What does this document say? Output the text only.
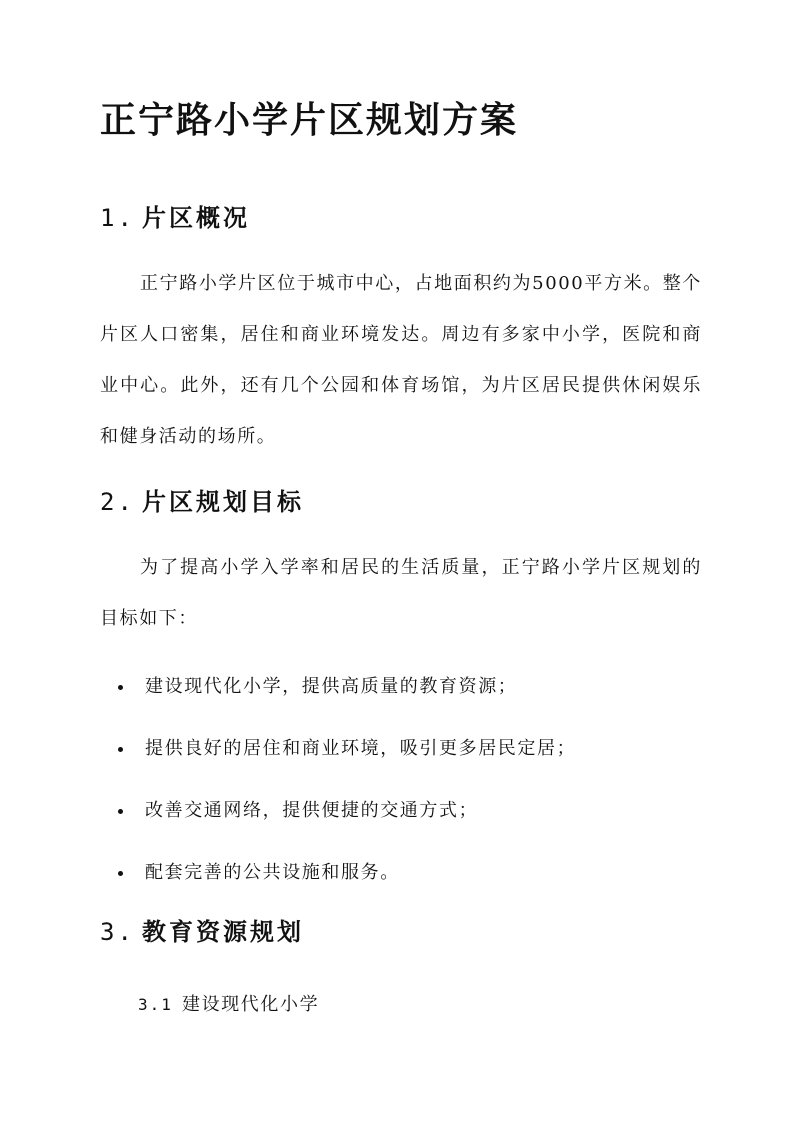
正宁路小学片区规划方案
1. 片区概况

正宁路小学片区位于城市中心，占地面积约为5000平方米。整个片区人口密集，居住和商业环境发达。周边有多家中小学，医院和商业中心。此外，还有几个公园和体育场馆，为片区居民提供休闲娱乐和健身活动的场所。

2. 片区规划目标

为了提高小学入学率和居民的生活质量，正宁路小学片区规划的目标如下：

建设现代化小学，提供高质量的教育资源；
提供良好的居住和商业环境，吸引更多居民定居；
改善交通网络，提供便捷的交通方式；
配套完善的公共设施和服务。
3. 教育资源规划

3.1 建设现代化小学
